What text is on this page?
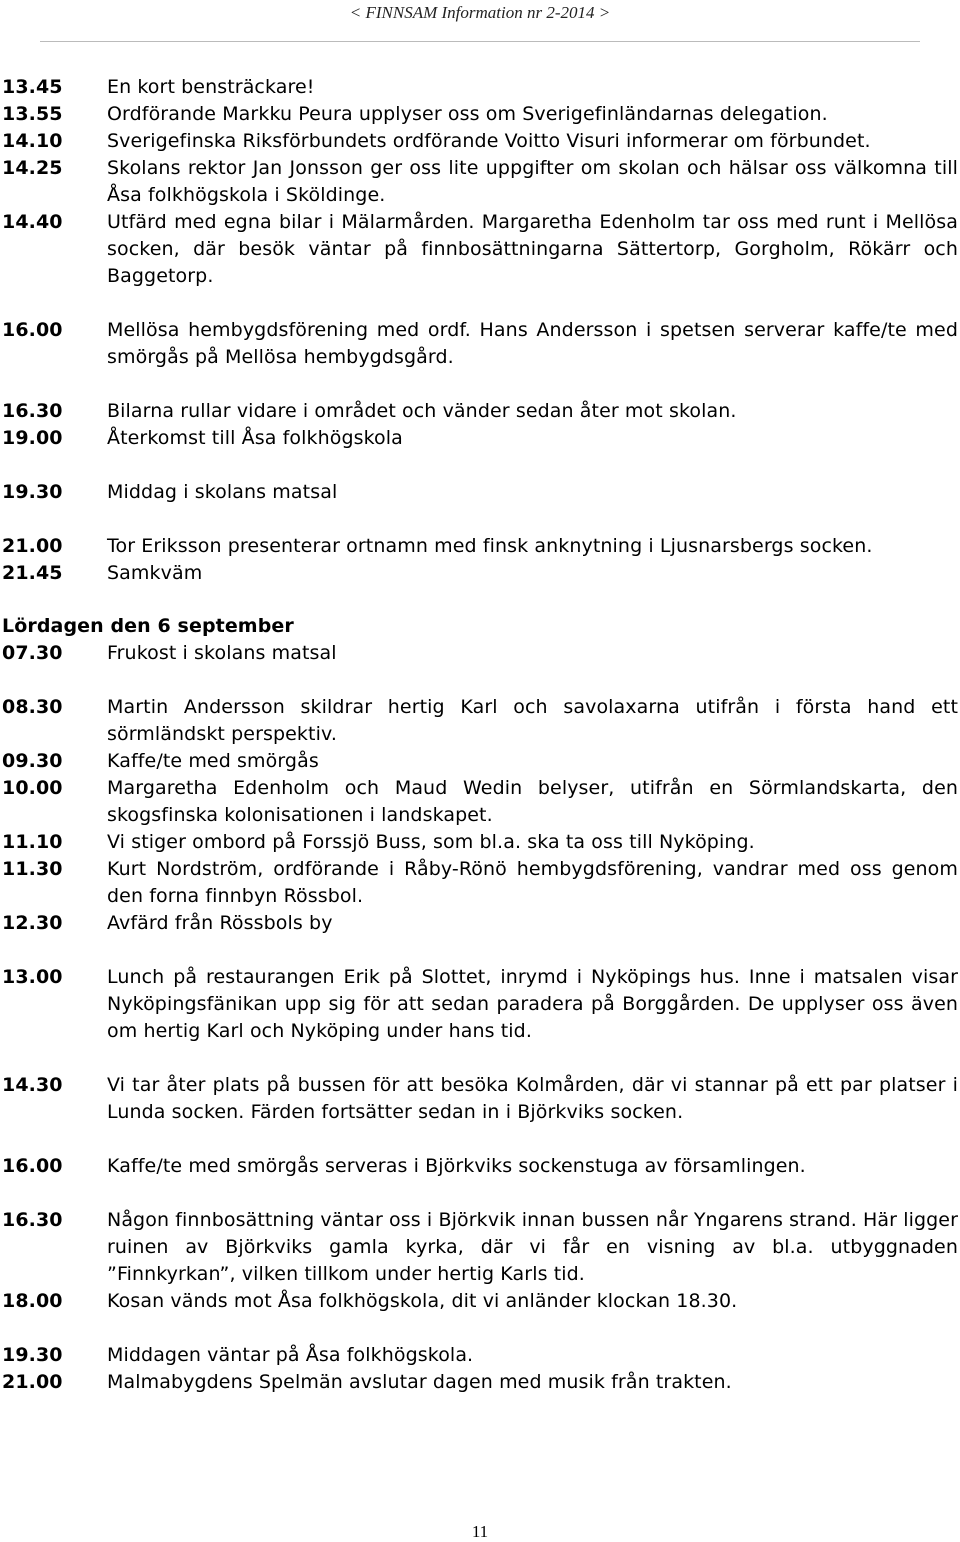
< FINNSAM Information nr 2-2014 >
13.45	En kort bensträckare!
13.55	Ordförande Markku Peura upplyser oss om Sverigefinländarnas delegation.
14.10	Sverigefinska Riksförbundets ordförande Voitto Visuri informerar om förbundet.
14.25	Skolans rektor Jan Jonsson ger oss lite uppgifter om skolan och hälsar oss välkomna till Åsa folkhögskola i Sköldinge.
14.40	Utfärd med egna bilar i Mälarmården. Margaretha Edenholm tar oss med runt i Mellösa socken, där besök väntar på finnbosättningarna Sättertorp, Gorgholm, Rökärr och Baggetorp.
16.00	Mellösa hembygdsförening med ordf. Hans Andersson i spetsen serverar kaffe/te med smörgås på Mellösa hembygdsgård.
16.30	Bilarna rullar vidare i området och vänder sedan åter mot skolan.
19.00	Återkomst till Åsa folkhögskola
19.30	Middag i skolans matsal
21.00	Tor Eriksson presenterar ortnamn med finsk anknytning i Ljusnarsbergs socken.
21.45	Samkväm
Lördagen den 6 september
07.30	Frukost i skolans matsal
08.30	Martin Andersson skildrar hertig Karl och savolaxarna utifrån i första hand ett sörmländskt perspektiv.
09.30	Kaffe/te med smörgås
10.00	Margaretha Edenholm och Maud Wedin belyser, utifrån en Sörmlandskarta, den skogsfinska kolonisationen i landskapet.
11.10	Vi stiger ombord på Forssjö Buss, som bl.a. ska ta oss till Nyköping.
11.30	Kurt Nordström, ordförande i Råby-Rönö hembygdsförening, vandrar med oss genom den forna finnbyn Rössbol.
12.30	Avfärd från Rössbols by
13.00	Lunch på restaurangen Erik på Slottet, inrymd i Nyköpings hus. Inne i matsalen visar Nyköpingsfänikan upp sig för att sedan paradera på Borggården. De upplyser oss även om hertig Karl och Nyköping under hans tid.
14.30	Vi tar åter plats på bussen för att besöka Kolmården, där vi stannar på ett par platser i Lunda socken. Färden fortsätter sedan in i Björkviks socken.
16.00	Kaffe/te med smörgås serveras i Björkviks sockenstuga av församlingen.
16.30	Någon finnbosättning väntar oss i Björkvik innan bussen når Yngarens strand. Här ligger ruinen av Björkviks gamla kyrka, där vi får en visning av bl.a. utbyggnaden ”Finnkyrkan”, vilken tillkom under hertig Karls tid.
18.00	Kosan vänds mot Åsa folkhögskola, dit vi anländer klockan 18.30.
19.30	Middagen väntar på Åsa folkhögskola.
21.00	Malmabygdens Spelmän avslutar dagen med musik från trakten.
11
